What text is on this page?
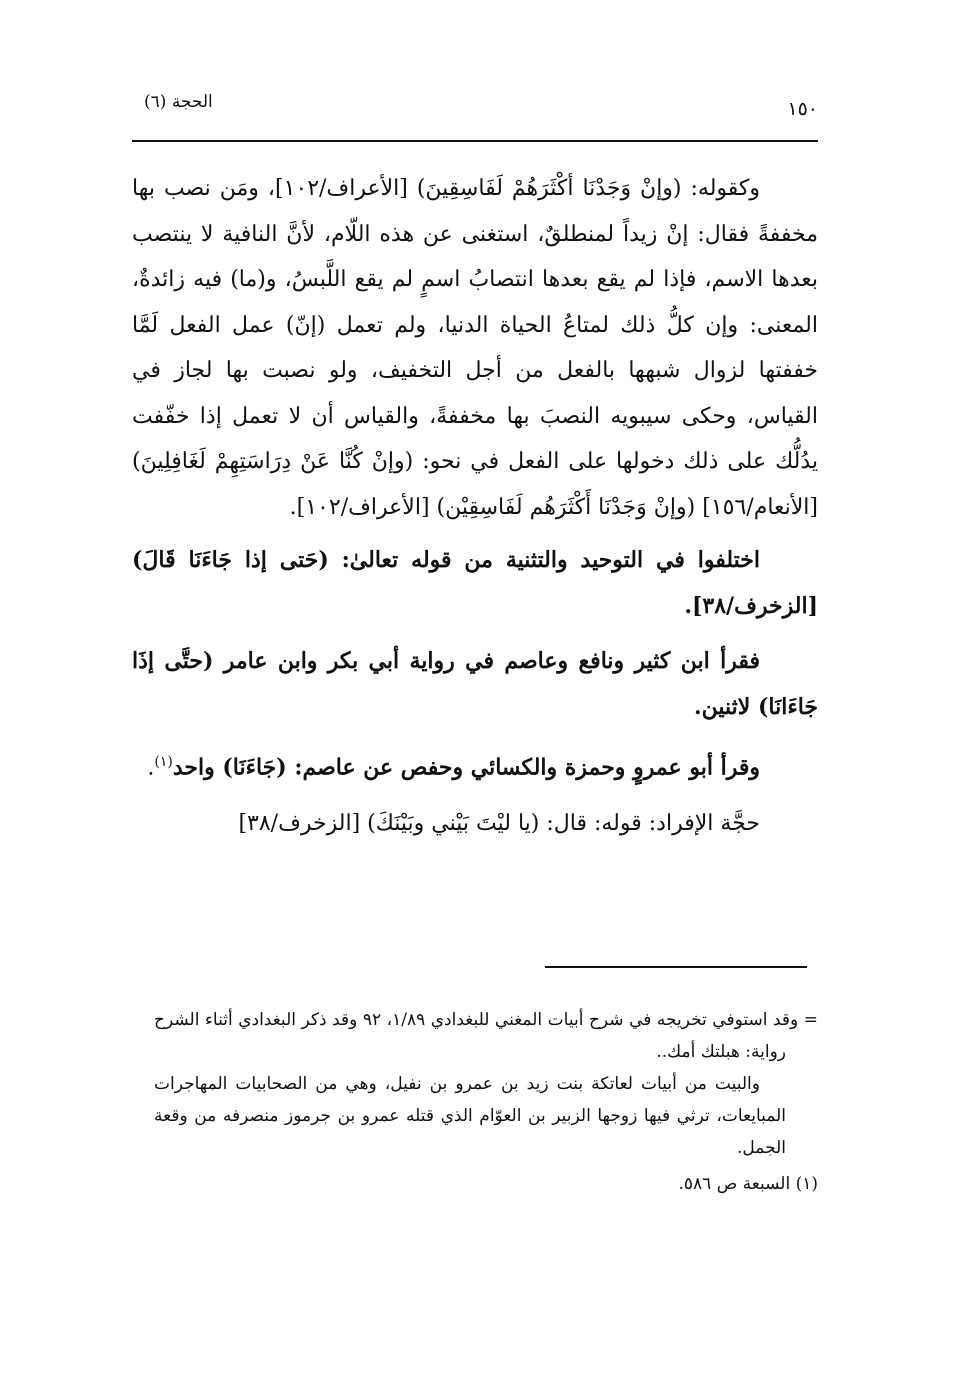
١٥٠
الحجة (٦)

وكقوله: (وإنْ وَجَدْنَا أكْثَرَهُمْ لَفَاسِقِينَ) [الأعراف/١٠٢]، ومَن نصب بها مخففةً فقال: إنْ زيداً لمنطلقٌ، استغنى عن هذه اللّام، لأنَّ النافية لا ينتصب بعدها الاسم، فإذا لم يقع بعدها انتصابُ اسمٍ لم يقع اللَّبسُ، و(ما) فيه زائدةٌ، المعنى: وإن كلُّ ذلك لمتاعُ الحياة الدنيا، ولم تعمل (إنّ) عمل الفعل لَمَّا خففتها لزوال شبهها بالفعل من أجل التخفيف، ولو نصبت بها لجاز في القياس، وحكى سيبويه النصبَ بها مخففةً، والقياس أن لا تعمل إذا خفّفت يدُلُّك على ذلك دخولها على الفعل في نحو: (وإنْ كُنَّا عَنْ دِرَاسَتِهِمْ لَغَافِلِينَ) [الأنعام/١٥٦] (وإنْ وَجَدْنَا أَكْثَرَهُم لَفَاسِقِيْن) [الأعراف/١٠٢].

اختلفوا في التوحيد والتثنية من قوله تعالىٰ: (حَتى إذا جَاءَنَا قَالَ) [الزخرف/٣٨].

فقرأ ابن كثير ونافع وعاصم في رواية أبي بكر وابن عامر (حتَّى إذَا جَاءَانَا) لاثنين.

وقرأ أبو عمروٍ وحمزة والكسائي وحفص عن عاصم: (جَاءَنَا) واحد$^{(١)}$.

حجَّة الإفراد: قوله: قال: (يا ليْتَ بَيْني وبَيْنَكَ) [الزخرف/٣٨]

= وقد استوفي تخريجه في شرح أبيات المغني للبغدادي ١/٨٩، ٩٢ وقد ذكر البغدادي أثناء الشرح رواية: هبلتك أمك..

والبيت من أبيات لعاتكة بنت زيد بن عمرو بن نفيل، وهي من الصحابيات المهاجرات المبايعات، ترثي فيها زوجها الزبير بن العوّام الذي قتله عمرو بن جرموز منصرفه من وقعة الجمل.

(١) السبعة ص ٥٨٦.
